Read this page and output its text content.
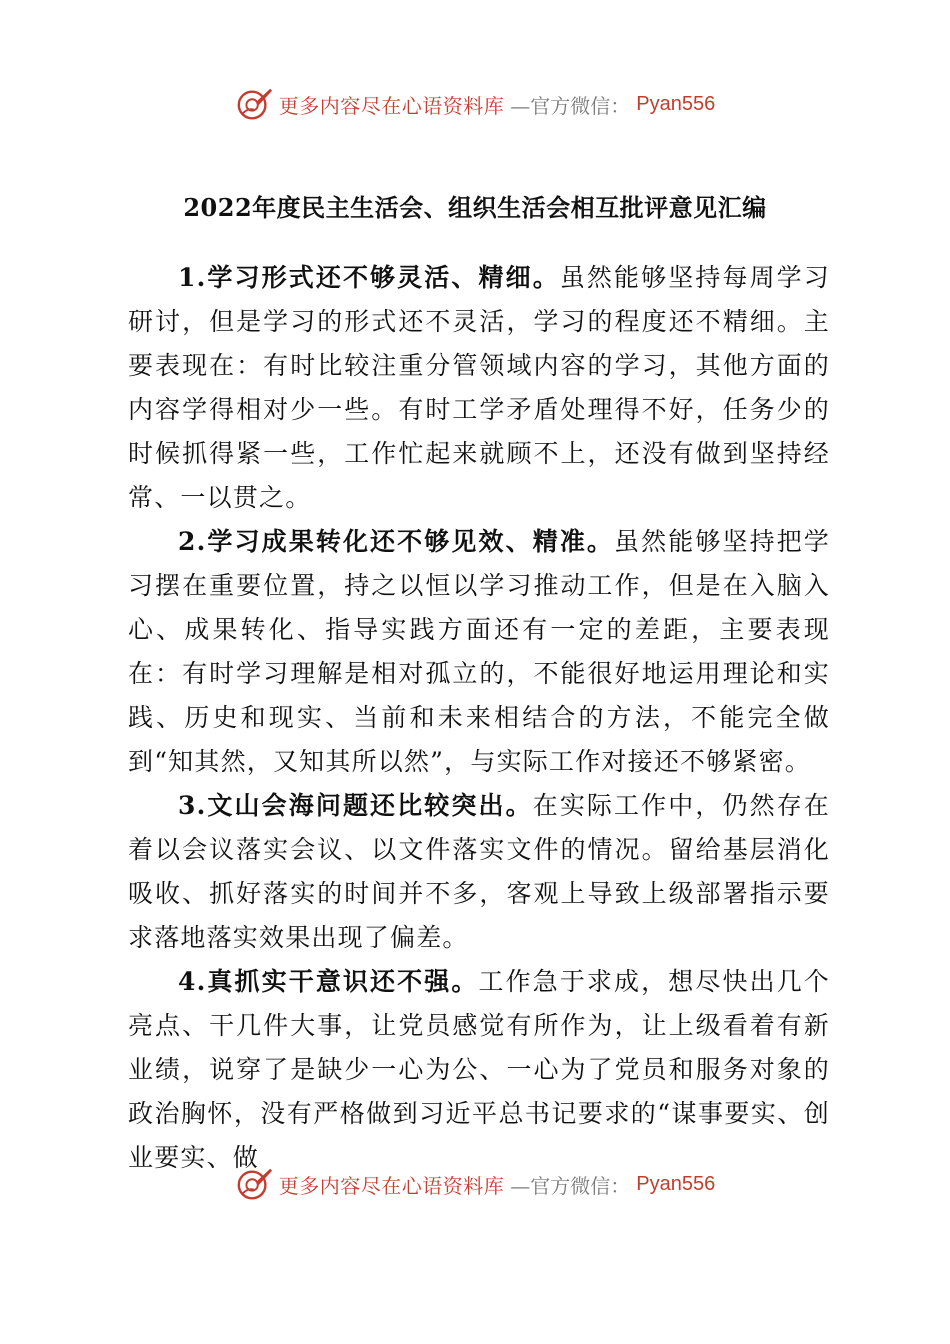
更多内容尽在心语资料库 —官方微信： Pyan556
2022年度民主生活会、组织生活会相互批评意见汇编

1.学习形式还不够灵活、精细。虽然能够坚持每周学习研讨，但是学习的形式还不灵活，学习的程度还不精细。主要表现在：有时比较注重分管领域内容的学习，其他方面的内容学得相对少一些。有时工学矛盾处理得不好，任务少的时候抓得紧一些，工作忙起来就顾不上，还没有做到坚持经常、一以贯之。

2.学习成果转化还不够见效、精准。虽然能够坚持把学习摆在重要位置，持之以恒以学习推动工作，但是在入脑入心、成果转化、指导实践方面还有一定的差距，主要表现在：有时学习理解是相对孤立的，不能很好地运用理论和实践、历史和现实、当前和未来相结合的方法，不能完全做到“知其然，又知其所以然”，与实际工作对接还不够紧密。

3.文山会海问题还比较突出。在实际工作中，仍然存在着以会议落实会议、以文件落实文件的情况。留给基层消化吸收、抓好落实的时间并不多，客观上导致上级部署指示要求落地落实效果出现了偏差。

4.真抓实干意识还不强。工作急于求成，想尽快出几个亮点、干几件大事，让党员感觉有所作为，让上级看着有新业绩，说穿了是缺少一心为公、一心为了党员和服务对象的政治胸怀，没有严格做到习近平总书记要求的“谋事要实、创业要实、做

更多内容尽在心语资料库 —官方微信： Pyan556
